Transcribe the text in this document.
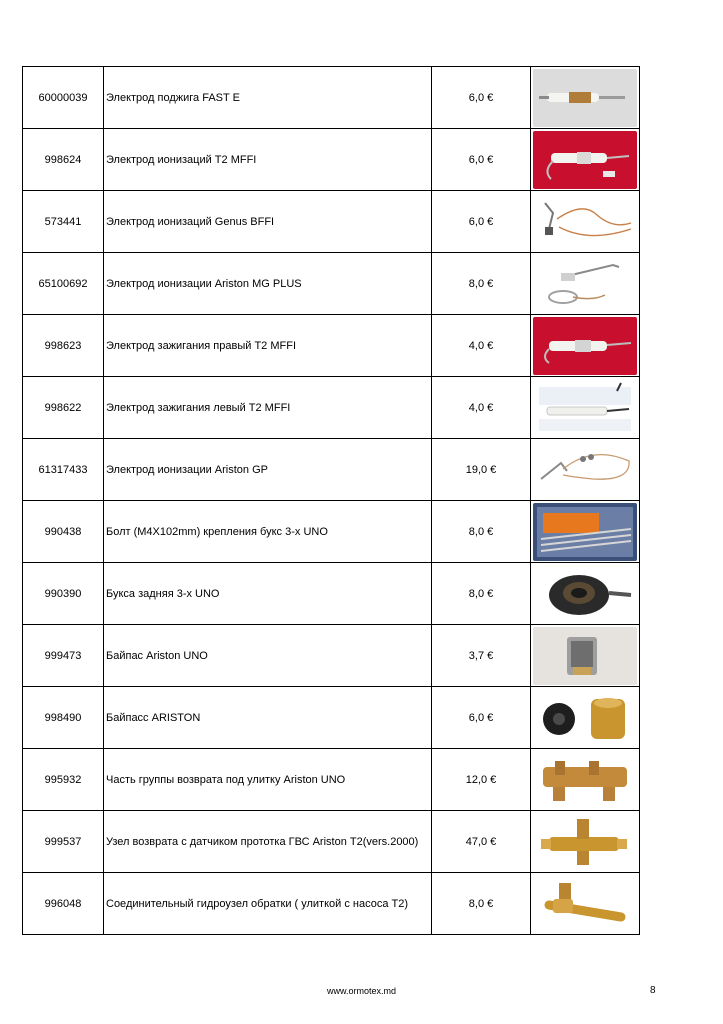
60000039	Электрод поджига FAST E	6,0 €	

998624	Электрод ионизаций Т2 MFFI	6,0 €	

573441	Электрод ионизаций Genus BFFI	6,0 €	

65100692	Электрод ионизации Ariston MG PLUS	8,0 €	

998623	Электрод зажигания правый Т2 MFFI	4,0 €	

998622	Электрод зажигания левый Т2 MFFI	4,0 €	

61317433	Электрод ионизации Ariston GP	19,0 €	

990438	Болт (М4Х102mm) крепления букс 3-х UNO	8,0 €	

990390	Букса задняя 3-х UNO	8,0 €	

999473	Байпас Ariston UNO	3,7 €	

998490	Байпасс ARISTON	6,0 €	

995932	Часть группы возврата под улитку Ariston UNO	12,0 €	

999537	Узел возврата с датчиком прототка ГВС Ariston Т2(vers.2000)	47,0 €	

996048	Соединительный гидроузел обратки ( улиткой с насоса Т2)	8,0 €	
www.ormotex.md	8
